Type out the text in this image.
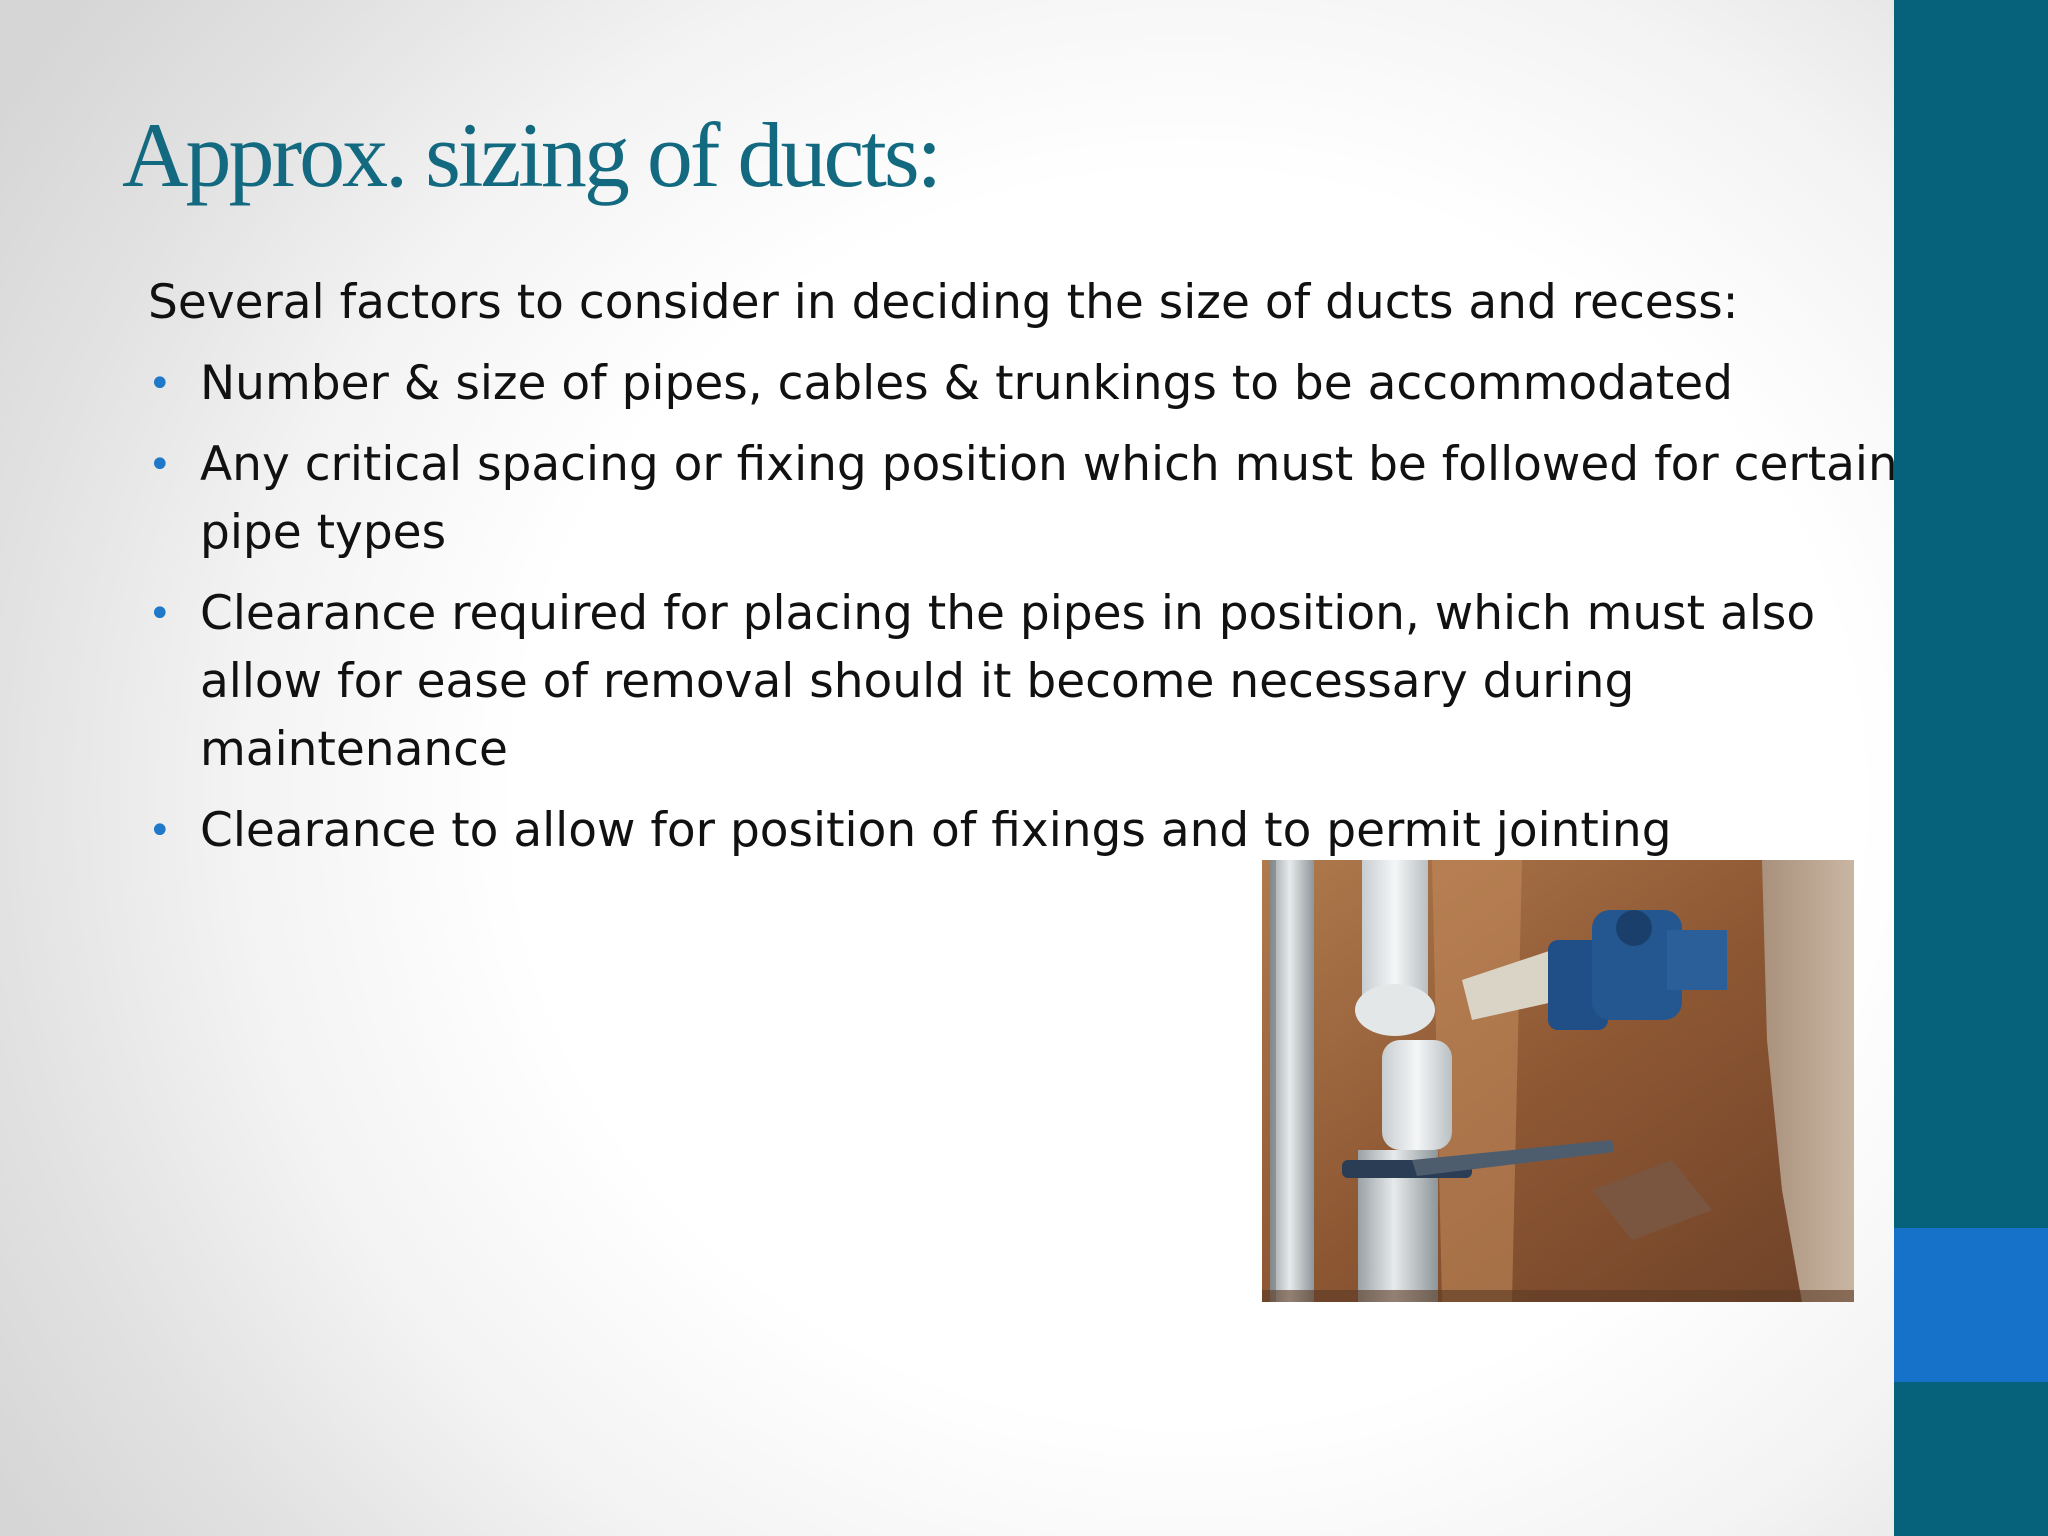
Approx. sizing of ducts:

Several factors to consider in deciding the size of ducts and recess:

• Number & size of pipes, cables & trunkings to be accommodated
• Any critical spacing or fixing position which must be followed for certain pipe types
• Clearance required for placing the pipes in position, which must also allow for ease of removal should it become necessary during maintenance
• Clearance to allow for position of fixings and to permit jointing
